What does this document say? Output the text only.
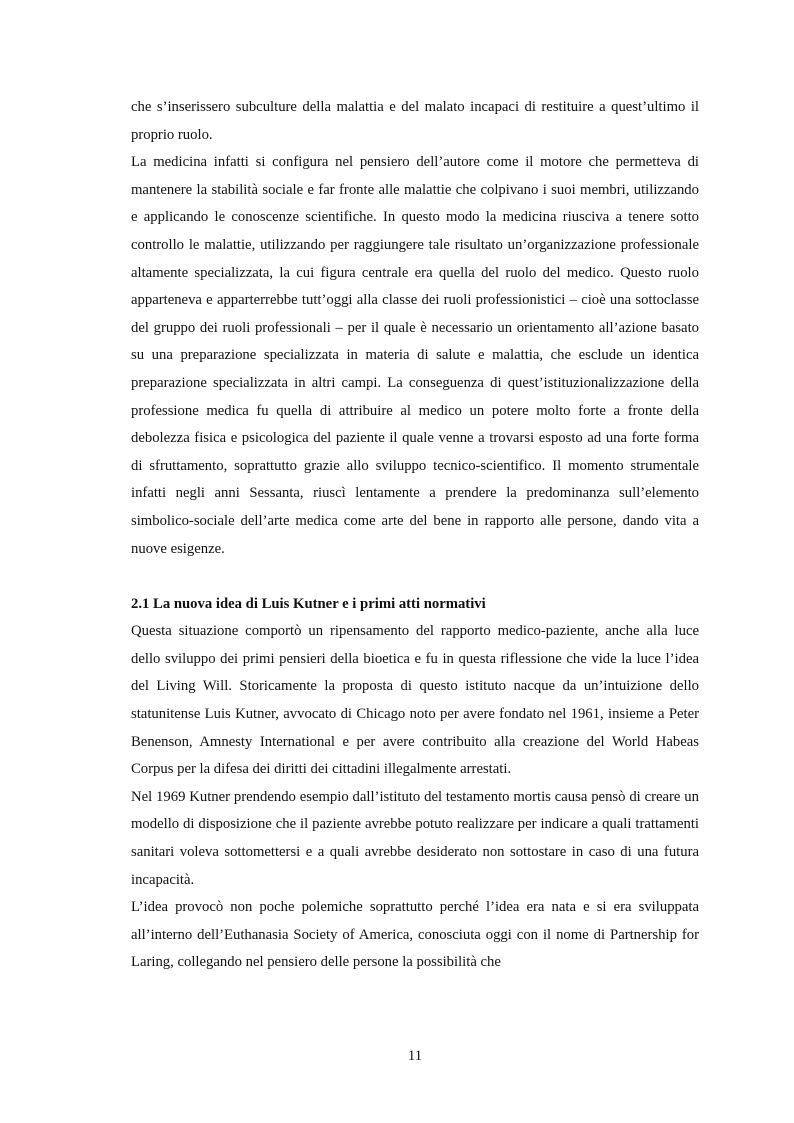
che s’inserissero subculture della malattia e del malato incapaci di restituire a quest’ultimo il proprio ruolo.

La medicina infatti si configura nel pensiero dell’autore come il motore che permetteva di mantenere la stabilità sociale e far fronte alle malattie che colpivano i suoi membri, utilizzando e applicando le conoscenze scientifiche. In questo modo la medicina riusciva a tenere sotto controllo le malattie, utilizzando per raggiungere tale risultato un’organizzazione professionale altamente specializzata, la cui figura centrale era quella del ruolo del medico. Questo ruolo apparteneva e apparterrebbe tutt’oggi alla classe dei ruoli professionistici – cioè una sottoclasse del gruppo dei ruoli professionali – per il quale è necessario un orientamento all’azione basato su una preparazione specializzata in materia di salute e malattia, che esclude un identica preparazione specializzata in altri campi. La conseguenza di quest’istituzionalizzazione della professione medica fu quella di attribuire al medico un potere molto forte a fronte della debolezza fisica e psicologica del paziente il quale venne a trovarsi esposto ad una forte forma di sfruttamento, soprattutto grazie allo sviluppo tecnico-scientifico. Il momento strumentale infatti negli anni Sessanta, riuscì lentamente a prendere la predominanza sull’elemento simbolico-sociale dell’arte medica come arte del bene in rapporto alle persone, dando vita a nuove esigenze.

2.1 La nuova idea di Luis Kutner e i primi atti normativi

Questa situazione comportò un ripensamento del rapporto medico-paziente, anche alla luce dello sviluppo dei primi pensieri della bioetica e fu in questa riflessione che vide la luce l’idea del Living Will. Storicamente la proposta di questo istituto nacque da un’intuizione dello statunitense Luis Kutner, avvocato di Chicago noto per avere fondato nel 1961, insieme a Peter Benenson, Amnesty International e per avere contribuito alla creazione del World Habeas Corpus per la difesa dei diritti dei cittadini illegalmente arrestati.

Nel 1969 Kutner prendendo esempio dall’istituto del testamento mortis causa pensò di creare un modello di disposizione che il paziente avrebbe potuto realizzare per indicare a quali trattamenti sanitari voleva sottomettersi e a quali avrebbe desiderato non sottostare in caso di una futura incapacità.

L’idea provocò non poche polemiche soprattutto perché l’idea era nata e si era sviluppata all’interno dell’Euthanasia Society of America, conosciuta oggi con il nome di Partnership for Laring, collegando nel pensiero delle persone la possibilità che

11
